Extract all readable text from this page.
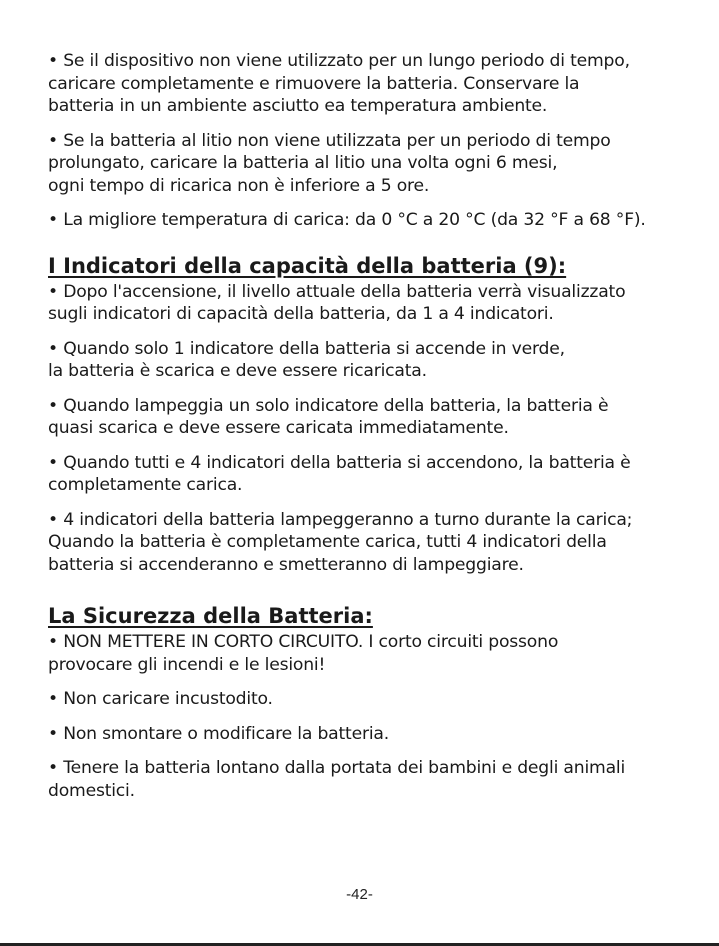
• Se il dispositivo non viene utilizzato per un lungo periodo di tempo,
caricare completamente e rimuovere la batteria. Conservare la
batteria in un ambiente asciutto ea temperatura ambiente.

• Se la batteria al litio non viene utilizzata per un periodo di tempo
prolungato, caricare la batteria al litio una volta ogni 6 mesi,
ogni tempo di ricarica non è inferiore a 5 ore.

• La migliore temperatura di carica: da 0 °C a 20 °C (da 32 °F a 68 °F).

I Indicatori della capacità della batteria (9):

• Dopo l'accensione, il livello attuale della batteria verrà visualizzato
sugli indicatori di capacità della batteria, da 1 a 4 indicatori.

• Quando solo 1 indicatore della batteria si accende in verde,
la batteria è scarica e deve essere ricaricata.

• Quando lampeggia un solo indicatore della batteria, la batteria è
quasi scarica e deve essere caricata immediatamente.

• Quando tutti e 4 indicatori della batteria si accendono, la batteria è
completamente carica.

• 4 indicatori della batteria lampeggeranno a turno durante la carica;
Quando la batteria è completamente carica, tutti 4 indicatori della
batteria si accenderanno e smetteranno di lampeggiare.

La Sicurezza della Batteria:

• NON METTERE IN CORTO CIRCUITO. I corto circuiti possono
provocare gli incendi e le lesioni!

• Non caricare incustodito.

• Non smontare o modificare la batteria.

• Tenere la batteria lontano dalla portata dei bambini e degli animali
domestici.

-42-
